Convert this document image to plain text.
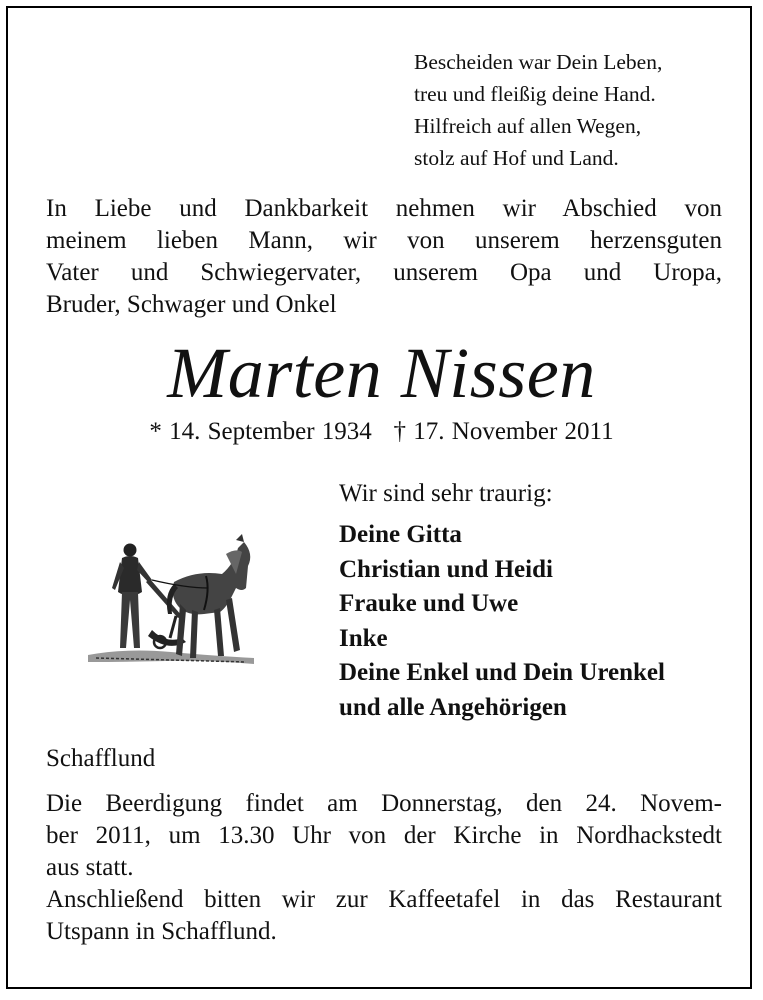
Bescheiden war Dein Leben,
treu und fleißig deine Hand.
Hilfreich auf allen Wegen,
stolz auf Hof und Land.
In Liebe und Dankbarkeit nehmen wir Abschied von
meinem lieben Mann, wir von unserem herzensguten
Vater und Schwiegervater, unserem Opa und Uropa,
Bruder, Schwager und Onkel
Marten Nissen
* 14. September 1934 † 17. November 2011
Wir sind sehr traurig:
Deine Gitta
Christian und Heidi
Frauke und Uwe
Inke
Deine Enkel und Dein Urenkel
und alle Angehörigen
Schafflund
Die Beerdigung findet am Donnerstag, den 24. Novem-
ber 2011, um 13.30 Uhr von der Kirche in Nordhackstedt
aus statt.
Anschließend bitten wir zur Kaffeetafel in das Restaurant
Utspann in Schafflund.
